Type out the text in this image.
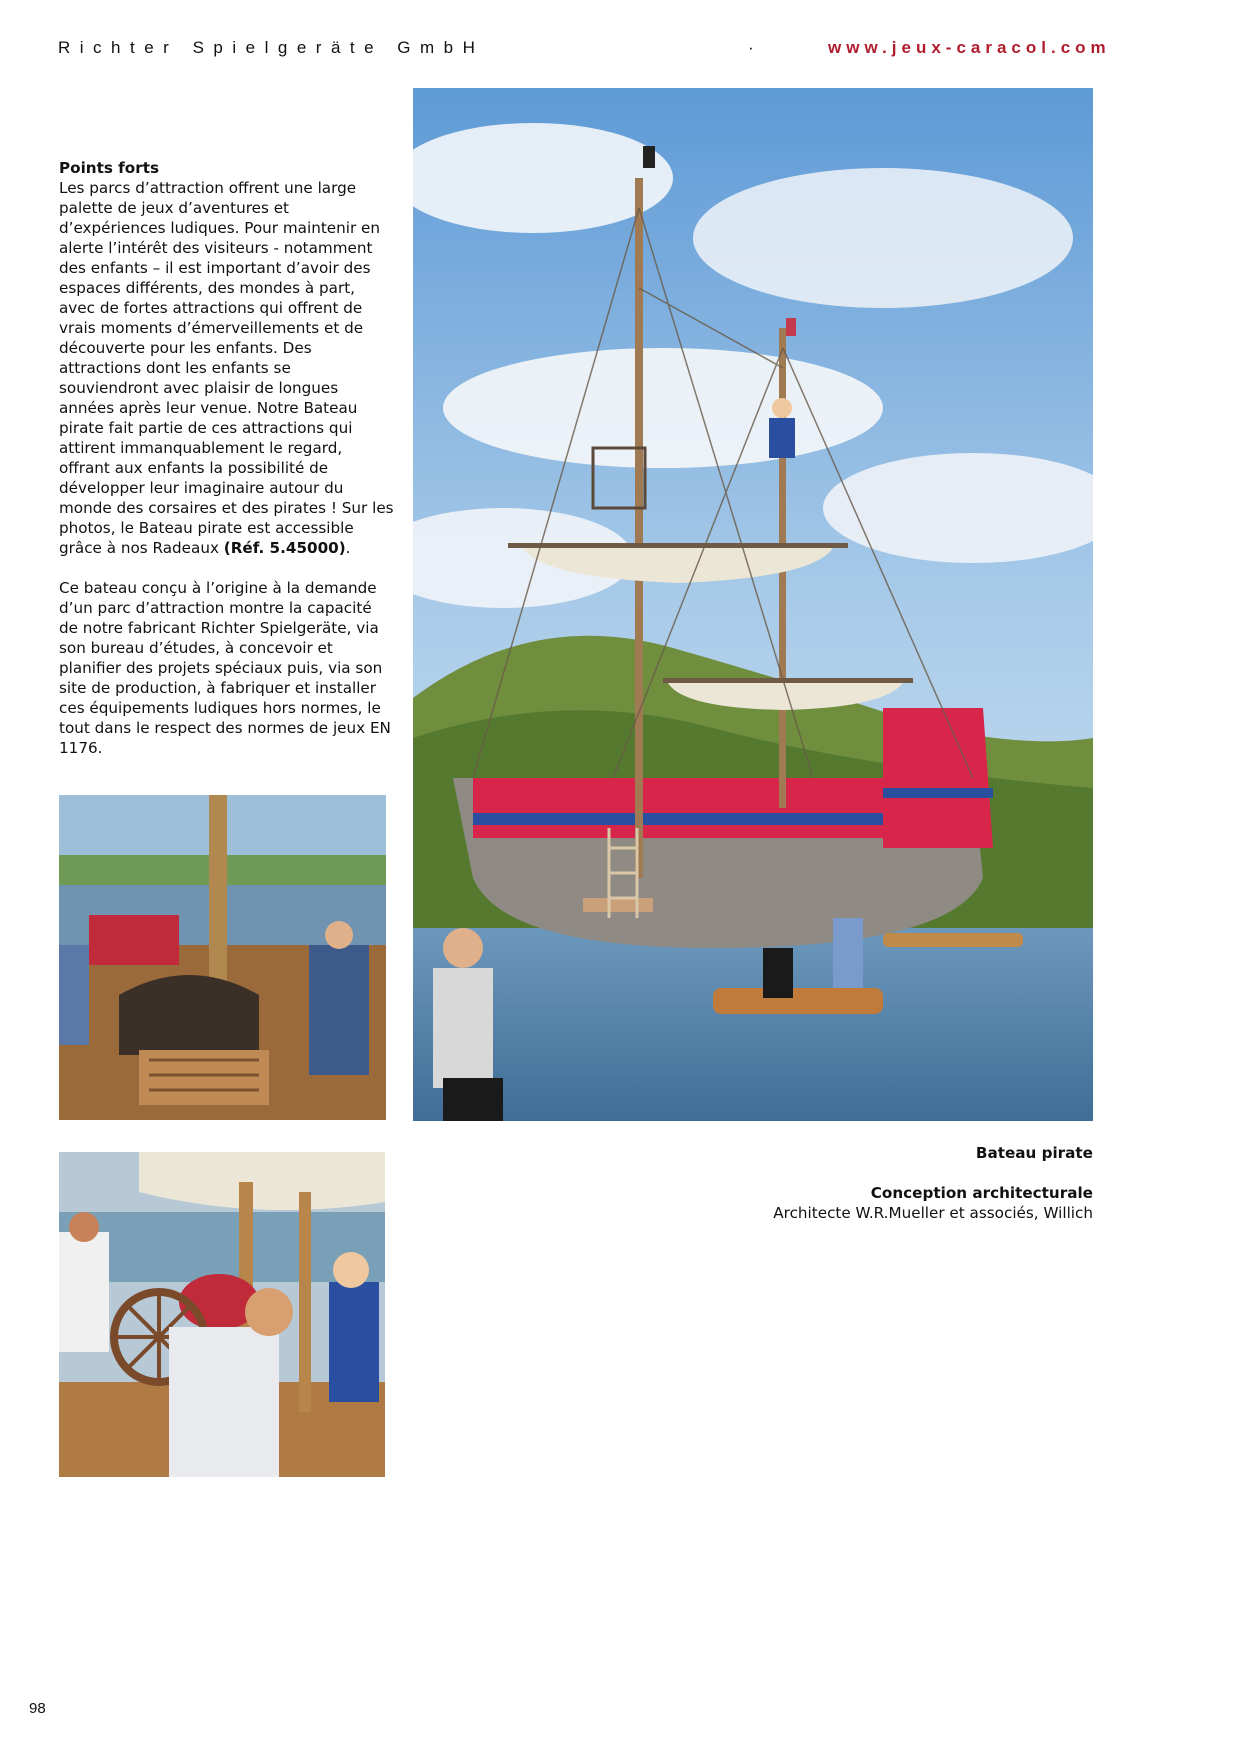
Richter Spielgeräte GmbH	·	www.jeux-caracol.com
Points forts

Les parcs d’attraction offrent une large palette de jeux d’aventures et d’expériences ludiques. Pour maintenir en alerte l’intérêt des visiteurs - notamment des enfants – il est important d’avoir des espaces différents, des mondes à part, avec de fortes attractions qui offrent de vrais moments d’émerveillements et de découverte pour les enfants. Des attractions dont les enfants se souviendront avec plaisir de longues années après leur venue. Notre Bateau pirate fait partie de ces attractions qui attirent immanquablement le regard, offrant aux enfants la possibilité de développer leur imaginaire autour du monde des corsaires et des pirates ! Sur les photos, le Bateau pirate est accessible grâce à nos Radeaux (Réf. 5.45000).

Ce bateau conçu à l’origine à la demande d’un parc d’attraction montre la capacité de notre fabricant Richter Spielgeräte, via son bureau d’études, à concevoir et planifier des projets spéciaux puis, via son site de production, à fabriquer et installer ces équipements ludiques hors normes, le tout dans le respect des normes de jeux EN 1176.

Bateau pirate
Conception architecturale
Architecte W.R.Mueller et associés, Willich
98
